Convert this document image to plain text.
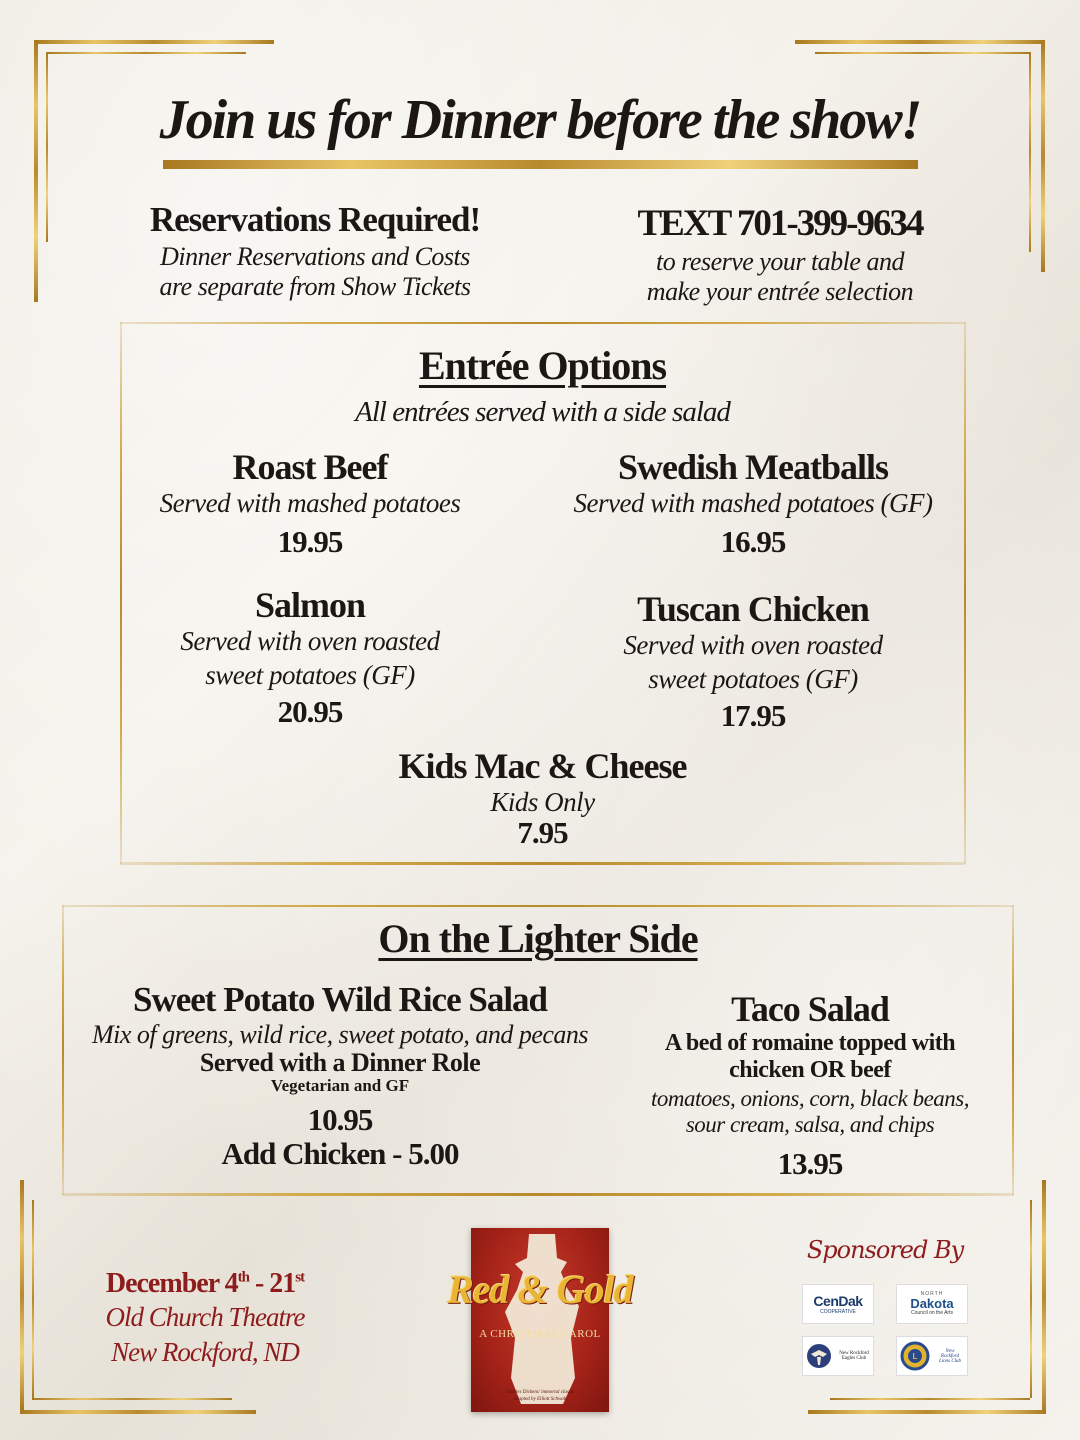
Join us for Dinner before the show!
Reservations Required!
Dinner Reservations and Costs
are separate from Show Tickets
TEXT 701-399-9634
to reserve your table and
make your entrée selection
Entrée Options
All entrées served with a side salad
Roast Beef
Served with mashed potatoes
19.95
Swedish Meatballs
Served with mashed potatoes (GF)
16.95
Salmon
Served with oven roasted
sweet potatoes (GF)
20.95
Tuscan Chicken
Served with oven roasted
sweet potatoes (GF)
17.95
Kids Mac & Cheese
Kids Only
7.95
On the Lighter Side
Sweet Potato Wild Rice Salad
Mix of greens, wild rice, sweet potato, and pecans
Served with a Dinner Role
Vegetarian and GF
10.95
Add Chicken - 5.00
Taco Salad
A bed of romaine topped with
chicken OR beef
tomatoes, onions, corn, black beans,
sour cream, salsa, and chips
13.95
December 4th - 21st
Old Church Theatre
New Rockford, ND
Red & Gold
A CHRISTMAS CAROL
Charles Dickens' immortal classic
adapted by Elliott Schwab
Sponsored By
CenDak
COOPERATIVE
NORTH
Dakota
Council on the Arts
New Rockford Eagles Club	L
New Rockford Lions Club
